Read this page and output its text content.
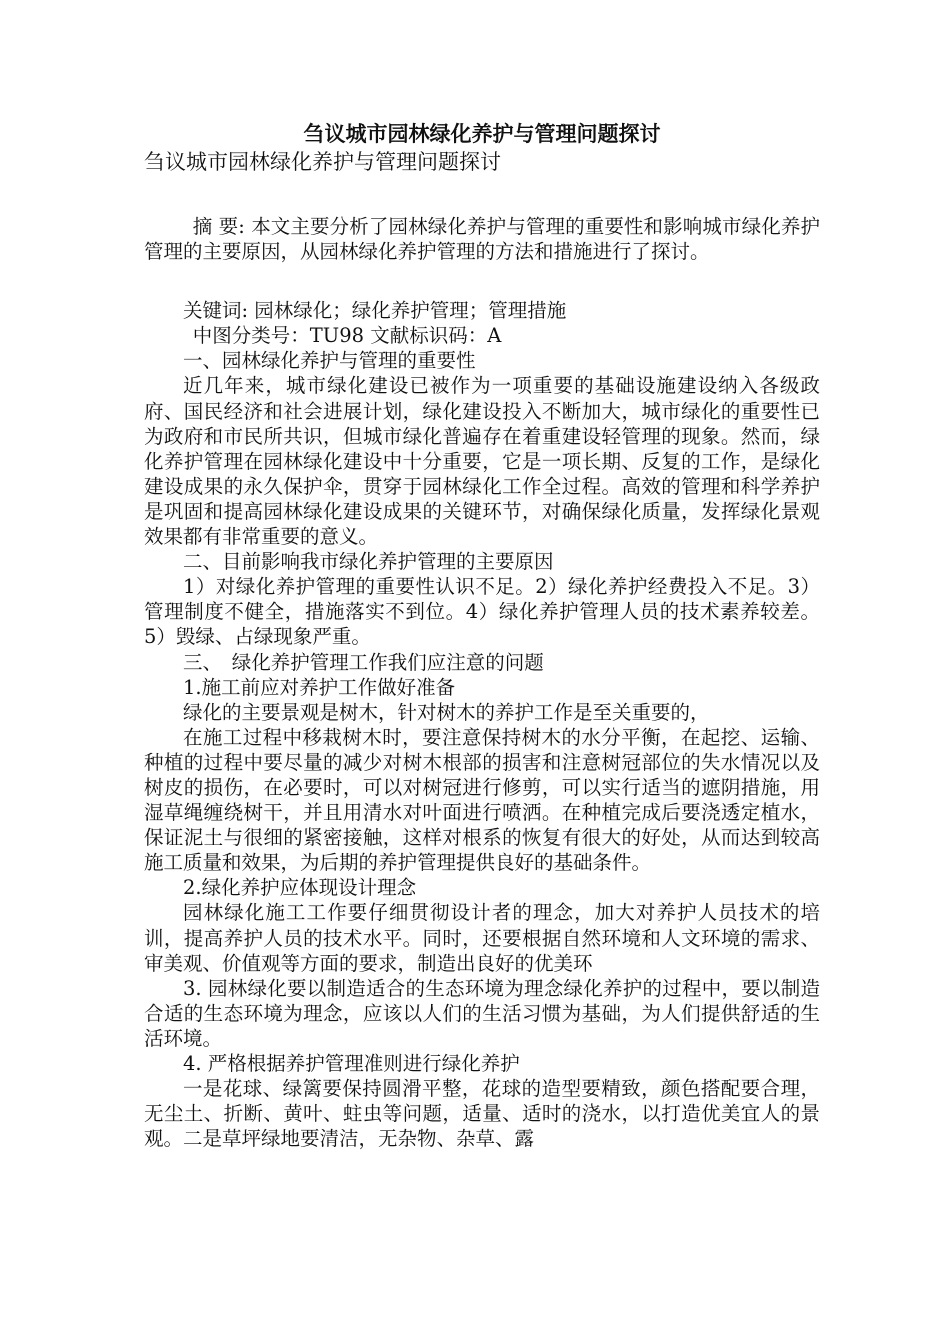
刍议城市园林绿化养护与管理问题探讨

刍议城市园林绿化养护与管理问题探讨

摘 要: 本文主要分析了园林绿化养护与管理的重要性和影响城市绿化养护管理的主要原因，从园林绿化养护管理的方法和措施进行了探讨。

关键词: 园林绿化；绿化养护管理；管理措施

中图分类号：TU98 文献标识码：A

一、园林绿化养护与管理的重要性

近几年来，城市绿化建设已被作为一项重要的基础设施建设纳入各级政府、国民经济和社会进展计划，绿化建设投入不断加大，城市绿化的重要性已为政府和市民所共识，但城市绿化普遍存在着重建设轻管理的现象。然而，绿化养护管理在园林绿化建设中十分重要，它是一项长期、反复的工作，是绿化建设成果的永久保护伞，贯穿于园林绿化工作全过程。高效的管理和科学养护是巩固和提高园林绿化建设成果的关键环节，对确保绿化质量，发挥绿化景观效果都有非常重要的意义。

二、目前影响我市绿化养护管理的主要原因

1）对绿化养护管理的重要性认识不足。2）绿化养护经费投入不足。3）管理制度不健全，措施落实不到位。4）绿化养护管理人员的技术素养较差。5）毁绿、占绿现象严重。

三、　绿化养护管理工作我们应注意的问题

1.施工前应对养护工作做好准备

绿化的主要景观是树木，针对树木的养护工作是至关重要的，

在施工过程中移栽树木时，要注意保持树木的水分平衡，在起挖、运输、种植的过程中要尽量的减少对树木根部的损害和注意树冠部位的失水情况以及树皮的损伤，在必要时，可以对树冠进行修剪，可以实行适当的遮阴措施，用湿草绳缠绕树干，并且用清水对叶面进行喷洒。在种植完成后要浇透定植水，保证泥土与很细的紧密接触，这样对根系的恢复有很大的好处，从而达到较高施工质量和效果，为后期的养护管理提供良好的基础条件。

2.绿化养护应体现设计理念

园林绿化施工工作要仔细贯彻设计者的理念，加大对养护人员技术的培训，提高养护人员的技术水平。同时，还要根据自然环境和人文环境的需求、审美观、价值观等方面的要求，制造出良好的优美环

3. 园林绿化要以制造适合的生态环境为理念绿化养护的过程中，要以制造合适的生态环境为理念，应该以人们的生活习惯为基础，为人们提供舒适的生活环境。

4. 严格根据养护管理准则进行绿化养护

一是花球、绿篱要保持圆滑平整，花球的造型要精致，颜色搭配要合理，无尘土、折断、黄叶、蛀虫等问题，适量、适时的浇水，以打造优美宜人的景观。二是草坪绿地要清洁，无杂物、杂草、露
